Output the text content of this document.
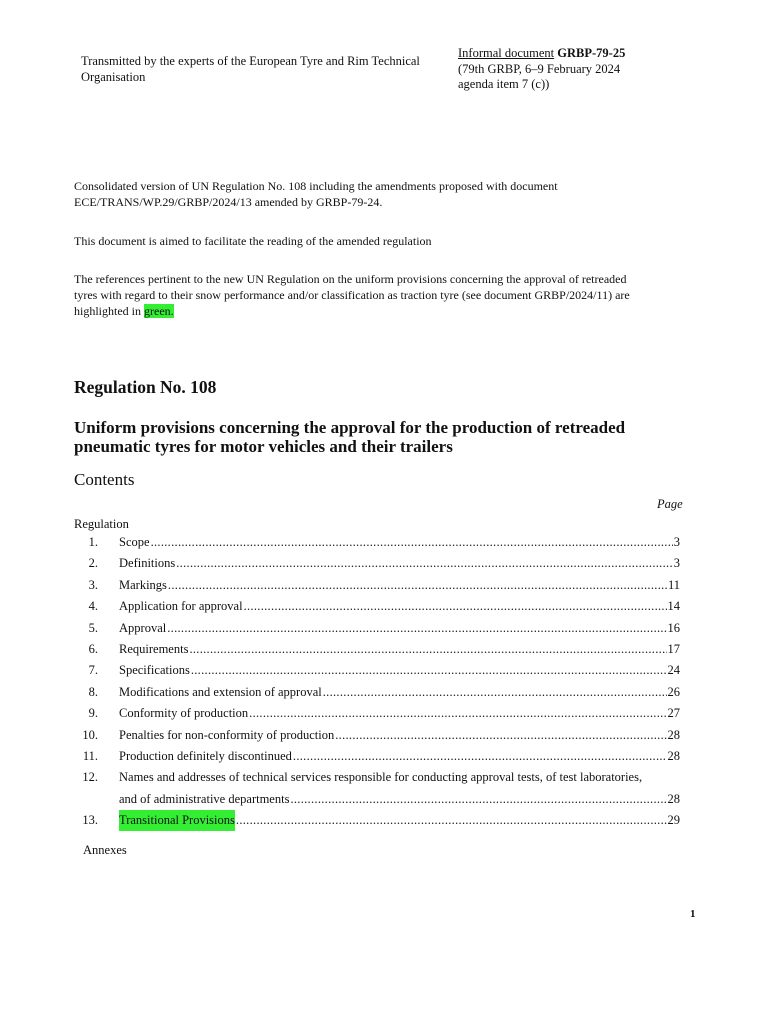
Transmitted by the experts of the European Tyre and Rim Technical Organisation
Informal document GRBP-79-25
(79th GRBP, 6–9 February 2024
agenda item 7 (c))
Consolidated version of UN Regulation No. 108 including the amendments proposed with document ECE/TRANS/WP.29/GRBP/2024/13 amended by GRBP-79-24.
This document is aimed to facilitate the reading of the amended regulation
The references pertinent to the new UN Regulation on the uniform provisions concerning the approval of retreaded tyres with regard to their snow performance and/or classification as traction tyre (see document GRBP/2024/11) are highlighted in green.
Regulation No. 108
Uniform provisions concerning the approval for the production of retreaded pneumatic tyres for motor vehicles and their trailers
Contents
Page
Regulation
1. Scope .....	3
2. Definitions .....	3
3. Markings .....	11
4. Application for approval .....	14
5. Approval .....	16
6. Requirements .....	17
7. Specifications .....	24
8. Modifications and extension of approval .....	26
9. Conformity of production .....	27
10. Penalties for non-conformity of production .....	28
11. Production definitely discontinued .....	28
12. Names and addresses of technical services responsible for conducting approval tests, of test laboratories,
and of administrative departments .....	28
13. Transitional Provisions .....	29
Annexes
1
